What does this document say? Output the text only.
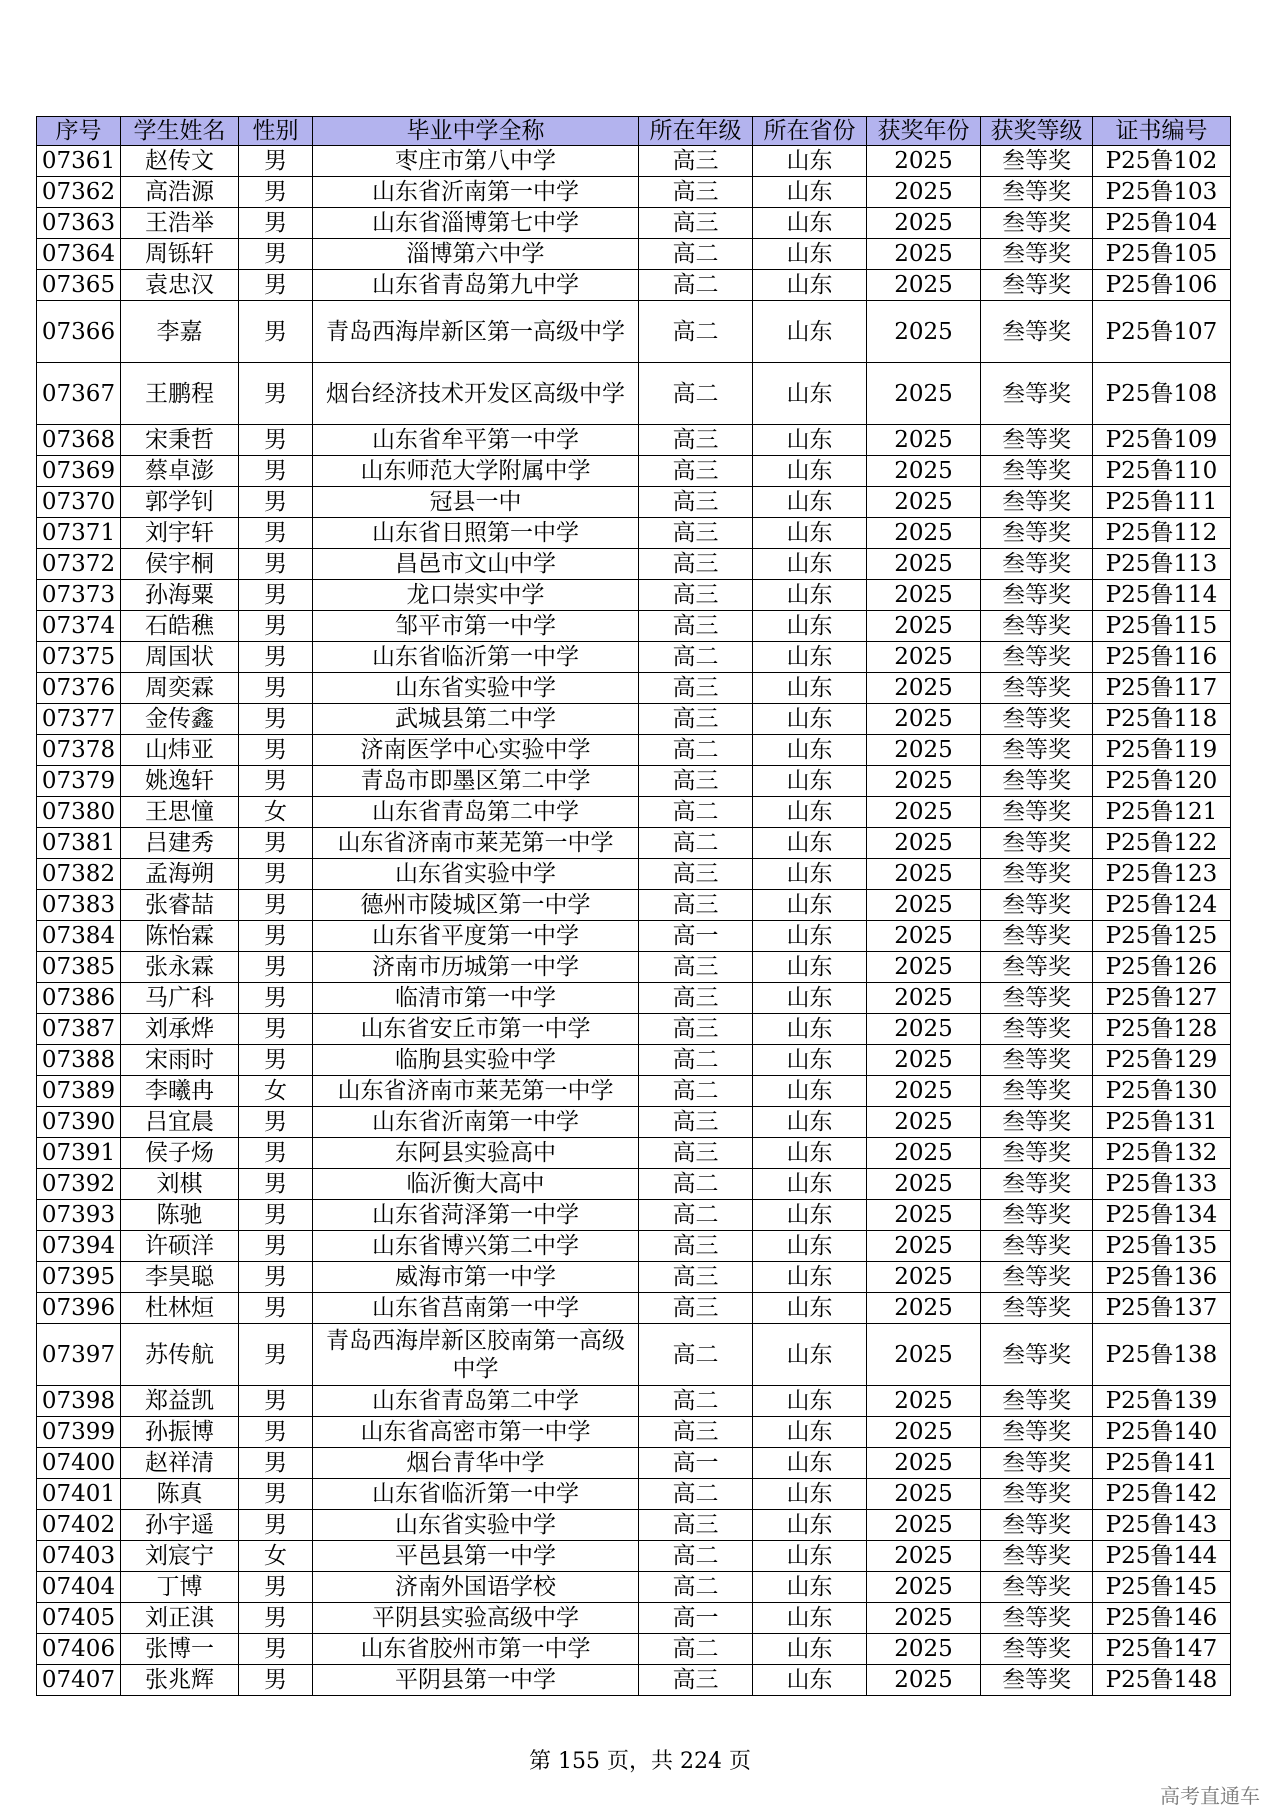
序号	学生姓名	性别	毕业中学全称	所在年级	所在省份	获奖年份	获奖等级	证书编号
07361	赵传文	男	枣庄市第八中学	高三	山东	2025	叁等奖	P25鲁102
07362	高浩源	男	山东省沂南第一中学	高三	山东	2025	叁等奖	P25鲁103
07363	王浩举	男	山东省淄博第七中学	高三	山东	2025	叁等奖	P25鲁104
07364	周铄轩	男	淄博第六中学	高二	山东	2025	叁等奖	P25鲁105
07365	袁忠汉	男	山东省青岛第九中学	高二	山东	2025	叁等奖	P25鲁106
07366	李嘉	男	青岛西海岸新区第一高级中学	高二	山东	2025	叁等奖	P25鲁107
07367	王鹏程	男	烟台经济技术开发区高级中学	高二	山东	2025	叁等奖	P25鲁108
07368	宋秉哲	男	山东省牟平第一中学	高三	山东	2025	叁等奖	P25鲁109
07369	蔡卓澎	男	山东师范大学附属中学	高三	山东	2025	叁等奖	P25鲁110
07370	郭学钊	男	冠县一中	高三	山东	2025	叁等奖	P25鲁111
07371	刘宇轩	男	山东省日照第一中学	高三	山东	2025	叁等奖	P25鲁112
07372	侯宇桐	男	昌邑市文山中学	高三	山东	2025	叁等奖	P25鲁113
07373	孙海粟	男	龙口崇实中学	高三	山东	2025	叁等奖	P25鲁114
07374	石皓穛	男	邹平市第一中学	高三	山东	2025	叁等奖	P25鲁115
07375	周国状	男	山东省临沂第一中学	高二	山东	2025	叁等奖	P25鲁116
07376	周奕霖	男	山东省实验中学	高三	山东	2025	叁等奖	P25鲁117
07377	金传鑫	男	武城县第二中学	高三	山东	2025	叁等奖	P25鲁118
07378	山炜亚	男	济南医学中心实验中学	高二	山东	2025	叁等奖	P25鲁119
07379	姚逸轩	男	青岛市即墨区第二中学	高三	山东	2025	叁等奖	P25鲁120
07380	王思憧	女	山东省青岛第二中学	高二	山东	2025	叁等奖	P25鲁121
07381	吕建秀	男	山东省济南市莱芜第一中学	高二	山东	2025	叁等奖	P25鲁122
07382	孟海朔	男	山东省实验中学	高三	山东	2025	叁等奖	P25鲁123
07383	张睿喆	男	德州市陵城区第一中学	高三	山东	2025	叁等奖	P25鲁124
07384	陈怡霖	男	山东省平度第一中学	高一	山东	2025	叁等奖	P25鲁125
07385	张永霖	男	济南市历城第一中学	高三	山东	2025	叁等奖	P25鲁126
07386	马广科	男	临清市第一中学	高三	山东	2025	叁等奖	P25鲁127
07387	刘承烨	男	山东省安丘市第一中学	高三	山东	2025	叁等奖	P25鲁128
07388	宋雨时	男	临朐县实验中学	高二	山东	2025	叁等奖	P25鲁129
07389	李曦冉	女	山东省济南市莱芜第一中学	高二	山东	2025	叁等奖	P25鲁130
07390	吕宜晨	男	山东省沂南第一中学	高三	山东	2025	叁等奖	P25鲁131
07391	侯子炀	男	东阿县实验高中	高三	山东	2025	叁等奖	P25鲁132
07392	刘棋	男	临沂衡大高中	高二	山东	2025	叁等奖	P25鲁133
07393	陈驰	男	山东省菏泽第一中学	高二	山东	2025	叁等奖	P25鲁134
07394	许硕洋	男	山东省博兴第二中学	高三	山东	2025	叁等奖	P25鲁135
07395	李昊聪	男	威海市第一中学	高三	山东	2025	叁等奖	P25鲁136
07396	杜林烜	男	山东省莒南第一中学	高三	山东	2025	叁等奖	P25鲁137
07397	苏传航	男	青岛西海岸新区胶南第一高级中学	高二	山东	2025	叁等奖	P25鲁138
07398	郑益凯	男	山东省青岛第二中学	高二	山东	2025	叁等奖	P25鲁139
07399	孙振博	男	山东省高密市第一中学	高三	山东	2025	叁等奖	P25鲁140
07400	赵祥清	男	烟台青华中学	高一	山东	2025	叁等奖	P25鲁141
07401	陈真	男	山东省临沂第一中学	高二	山东	2025	叁等奖	P25鲁142
07402	孙宇遥	男	山东省实验中学	高三	山东	2025	叁等奖	P25鲁143
07403	刘宸宁	女	平邑县第一中学	高二	山东	2025	叁等奖	P25鲁144
07404	丁博	男	济南外国语学校	高二	山东	2025	叁等奖	P25鲁145
07405	刘正淇	男	平阴县实验高级中学	高一	山东	2025	叁等奖	P25鲁146
07406	张博一	男	山东省胶州市第一中学	高二	山东	2025	叁等奖	P25鲁147
07407	张兆辉	男	平阴县第一中学	高三	山东	2025	叁等奖	P25鲁148
第 155 页，共 224 页
高考直通车
